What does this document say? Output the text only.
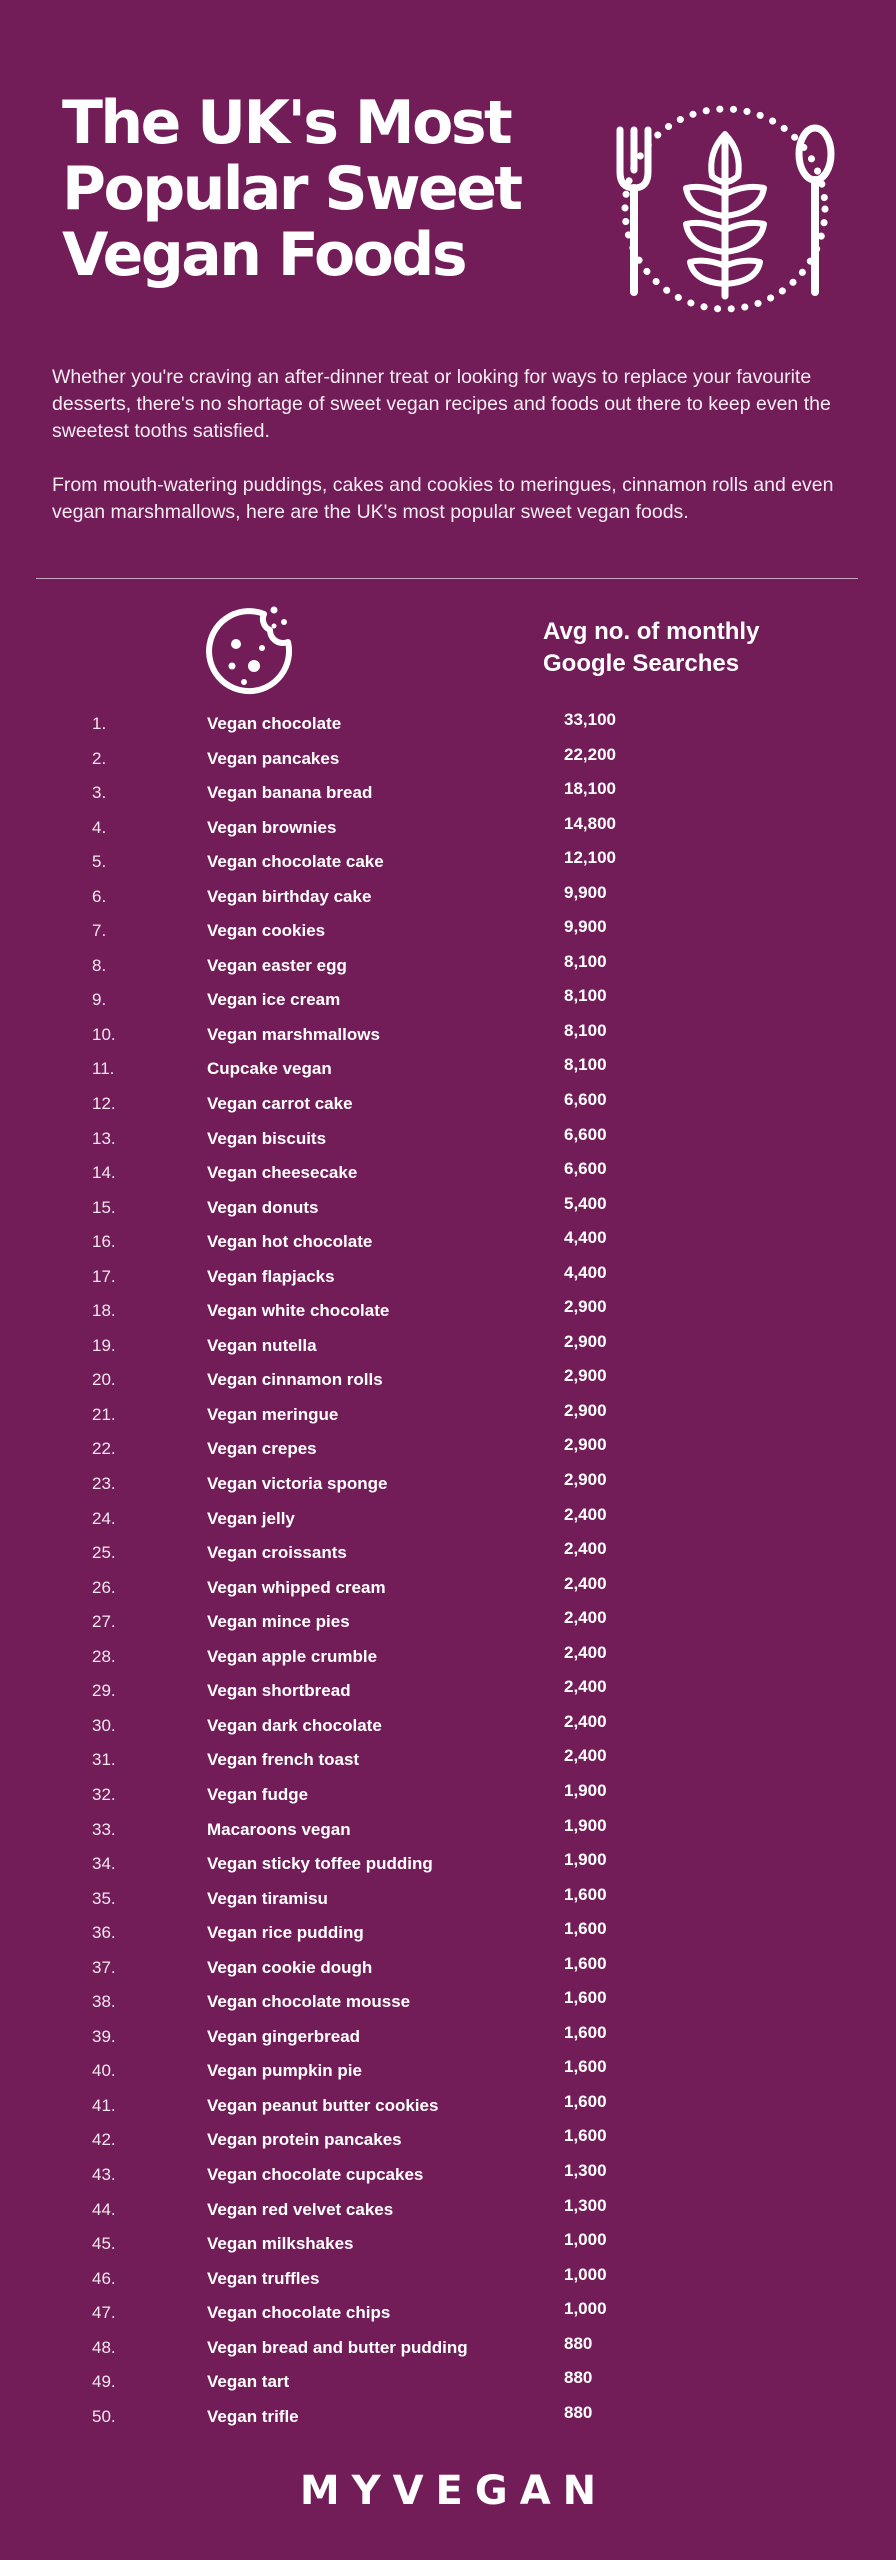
The UK's Most
Popular Sweet
Vegan Foods

Whether you're craving an after-dinner treat or looking for ways to replace your favourite desserts, there's no shortage of sweet vegan recipes and foods out there to keep even the sweetest tooths satisfied.

From mouth-watering puddings, cakes and cookies to meringues, cinnamon rolls and even vegan marshmallows, here are the UK's most popular sweet vegan foods.

Avg no. of monthly
Google Searches
1.	Vegan chocolate	33,100
2.	Vegan pancakes	22,200
3.	Vegan banana bread	18,100
4.	Vegan brownies	14,800
5.	Vegan chocolate cake	12,100
6.	Vegan birthday cake	9,900
7.	Vegan cookies	9,900
8.	Vegan easter egg	8,100
9.	Vegan ice cream	8,100
10.	Vegan marshmallows	8,100
11.	Cupcake vegan	8,100
12.	Vegan carrot cake	6,600
13.	Vegan biscuits	6,600
14.	Vegan cheesecake	6,600
15.	Vegan donuts	5,400
16.	Vegan hot chocolate	4,400
17.	Vegan flapjacks	4,400
18.	Vegan white chocolate	2,900
19.	Vegan nutella	2,900
20.	Vegan cinnamon rolls	2,900
21.	Vegan meringue	2,900
22.	Vegan crepes	2,900
23.	Vegan victoria sponge	2,900
24.	Vegan jelly	2,400
25.	Vegan croissants	2,400
26.	Vegan whipped cream	2,400
27.	Vegan mince pies	2,400
28.	Vegan apple crumble	2,400
29.	Vegan shortbread	2,400
30.	Vegan dark chocolate	2,400
31.	Vegan french toast	2,400
32.	Vegan fudge	1,900
33.	Macaroons vegan	1,900
34.	Vegan sticky toffee pudding	1,900
35.	Vegan tiramisu	1,600
36.	Vegan rice pudding	1,600
37.	Vegan cookie dough	1,600
38.	Vegan chocolate mousse	1,600
39.	Vegan gingerbread	1,600
40.	Vegan pumpkin pie	1,600
41.	Vegan peanut butter cookies	1,600
42.	Vegan protein pancakes	1,600
43.	Vegan chocolate cupcakes	1,300
44.	Vegan red velvet cakes	1,300
45.	Vegan milkshakes	1,000
46.	Vegan truffles	1,000
47.	Vegan chocolate chips	1,000
48.	Vegan bread and butter pudding	880
49.	Vegan tart	880
50.	Vegan trifle	880
MYVEGAN
